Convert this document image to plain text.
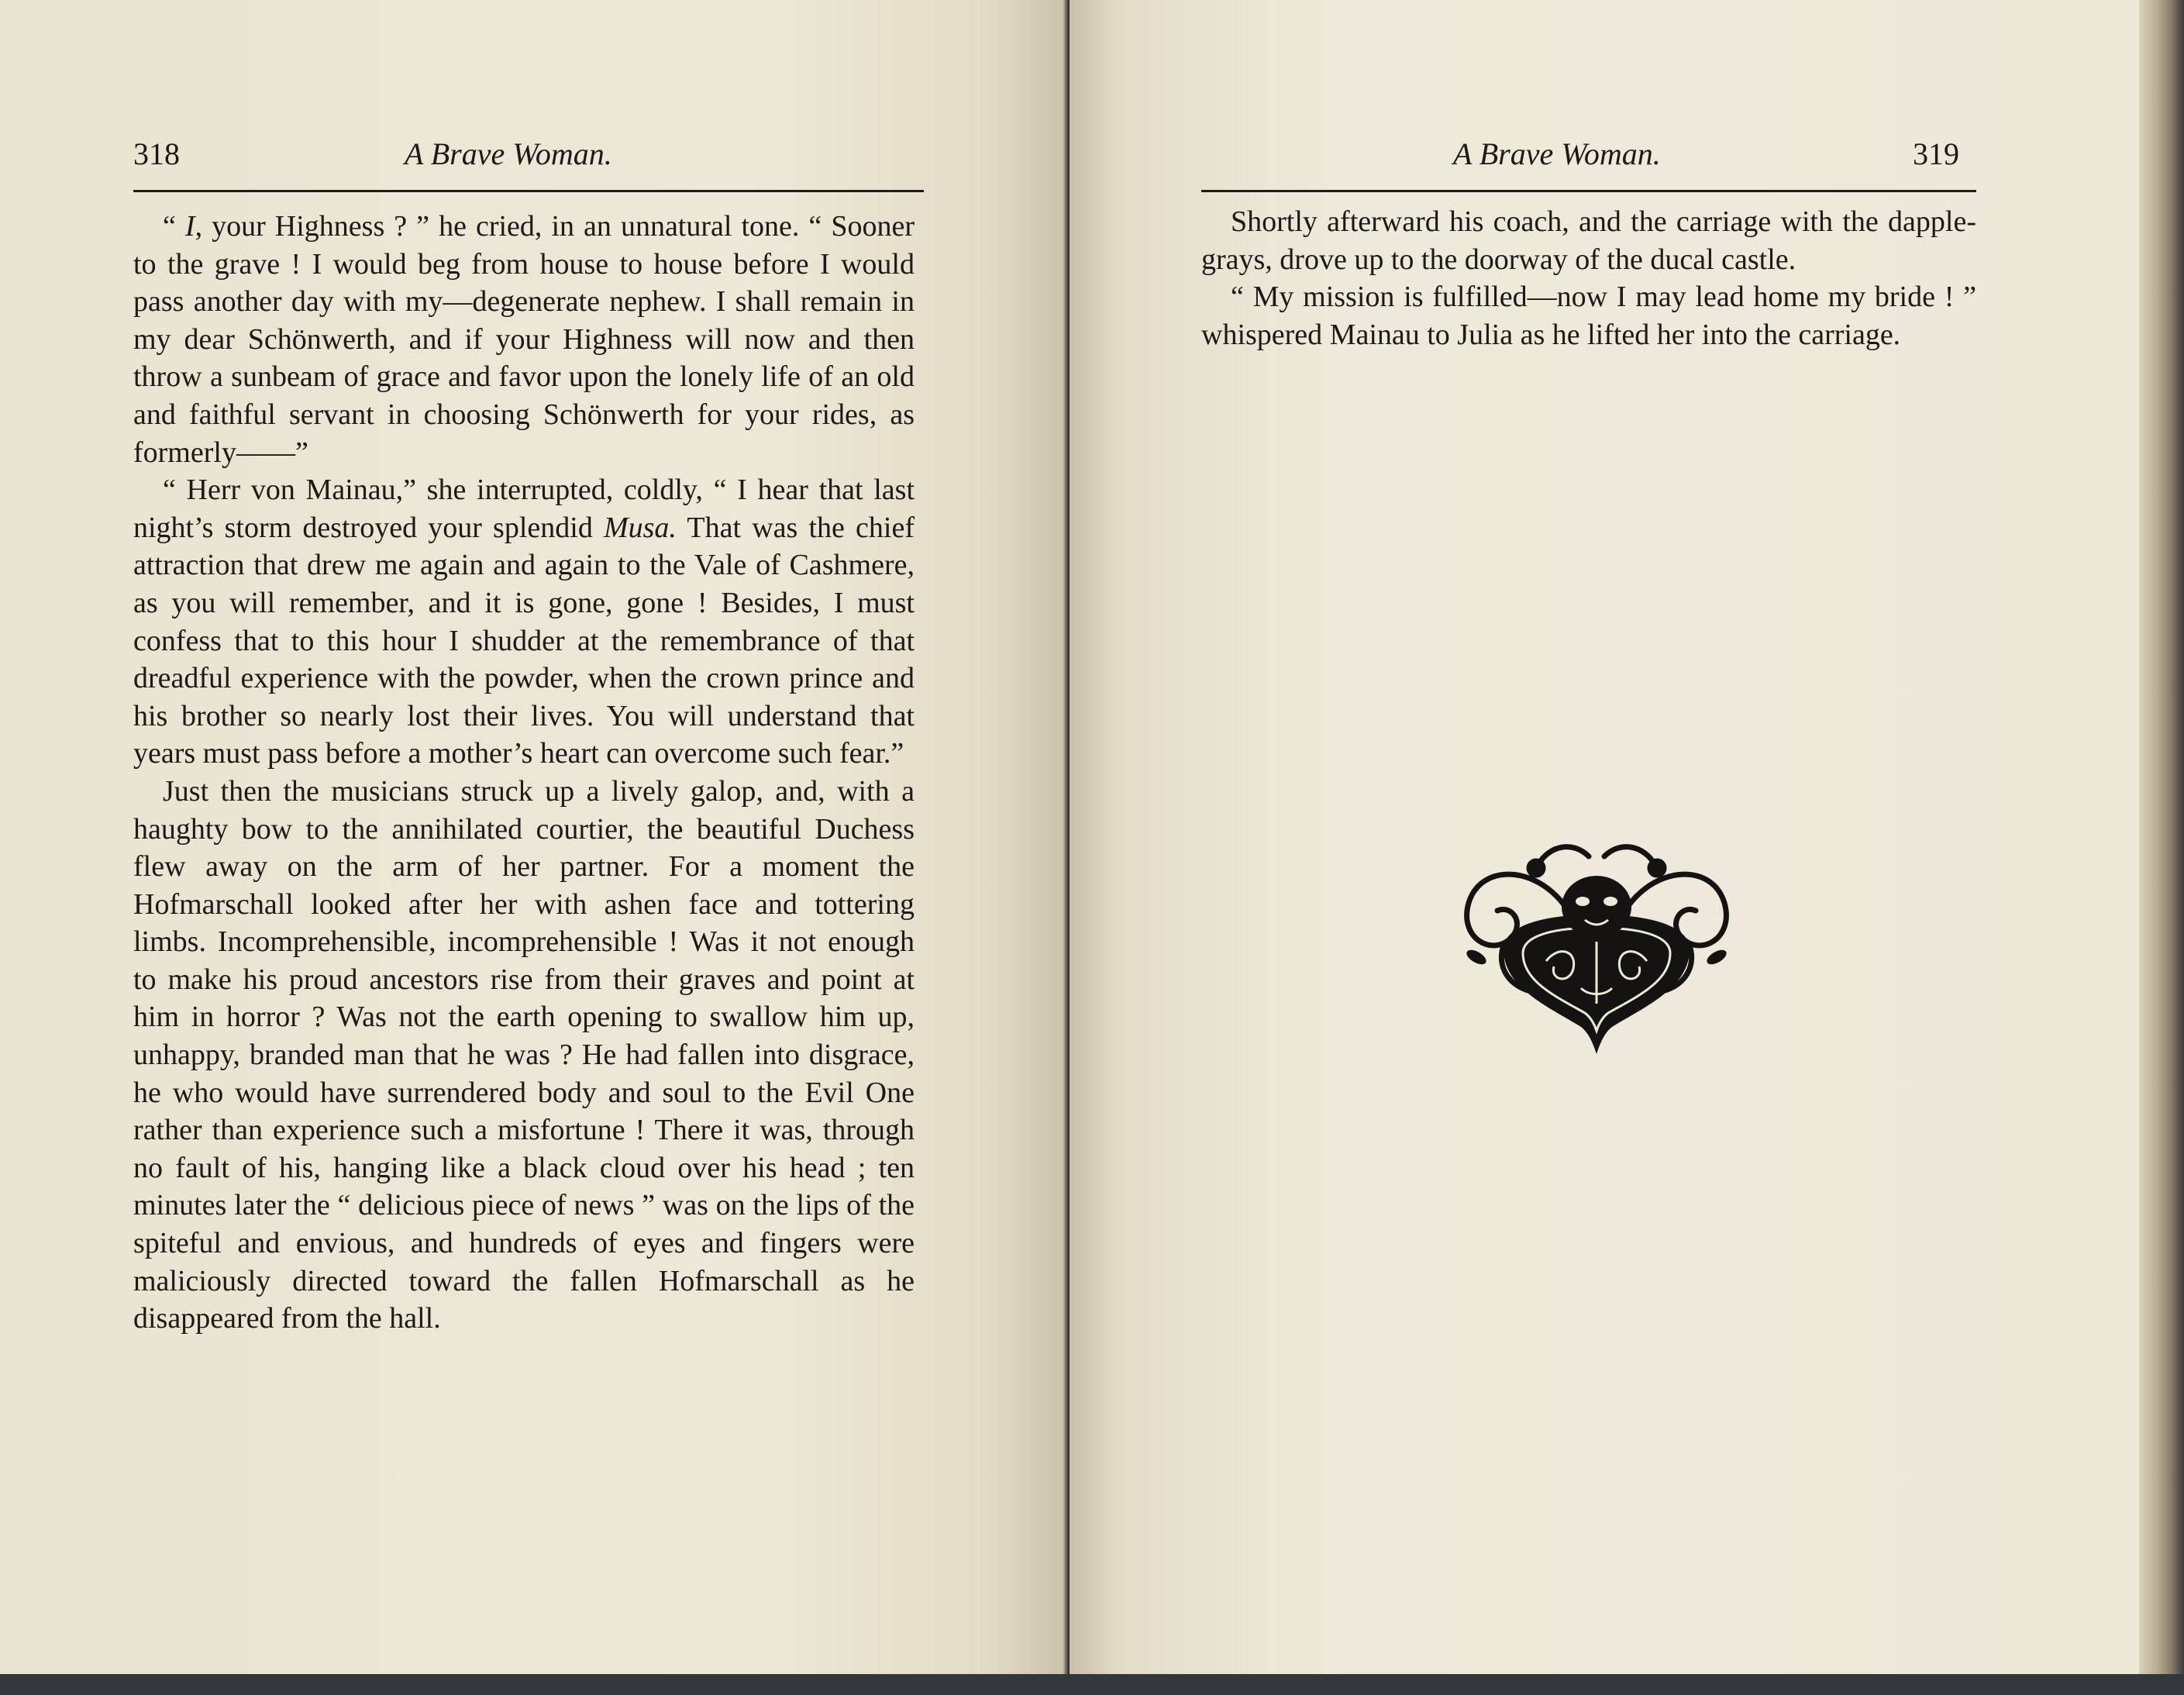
318	A Brave Woman.

“ I, your Highness ? ” he cried, in an unnatural tone. “ Sooner to the grave ! I would beg from house to house before I would pass another day with my—degenerate nephew. I shall remain in my dear Schönwerth, and if your Highness will now and then throw a sunbeam of grace and favor upon the lonely life of an old and faithful servant in choosing Schönwerth for your rides, as formerly——”

“ Herr von Mainau,” she interrupted, coldly, “ I hear that last night’s storm destroyed your splendid Musa. That was the chief attraction that drew me again and again to the Vale of Cashmere, as you will remember, and it is gone, gone ! Besides, I must confess that to this hour I shudder at the remembrance of that dreadful experience with the powder, when the crown prince and his brother so nearly lost their lives. You will understand that years must pass before a mother’s heart can overcome such fear.”

Just then the musicians struck up a lively galop, and, with a haughty bow to the annihilated courtier, the beautiful Duchess flew away on the arm of her partner. For a moment the Hofmarschall looked after her with ashen face and tottering limbs. Incomprehensible, incomprehensible ! Was it not enough to make his proud ancestors rise from their graves and point at him in horror ? Was not the earth opening to swallow him up, unhappy, branded man that he was ? He had fallen into disgrace, he who would have surrendered body and soul to the Evil One rather than experience such a misfortune ! There it was, through no fault of his, hanging like a black cloud over his head ; ten minutes later the “ delicious piece of news ” was on the lips of the spiteful and envious, and hundreds of eyes and fingers were maliciously directed toward the fallen Hofmarschall as he disappeared from the hall.

A Brave Woman.	319

Shortly afterward his coach, and the carriage with the dapple-grays, drove up to the doorway of the ducal castle.

“ My mission is fulfilled—now I may lead home my bride ! ” whispered Mainau to Julia as he lifted her into the carriage.
